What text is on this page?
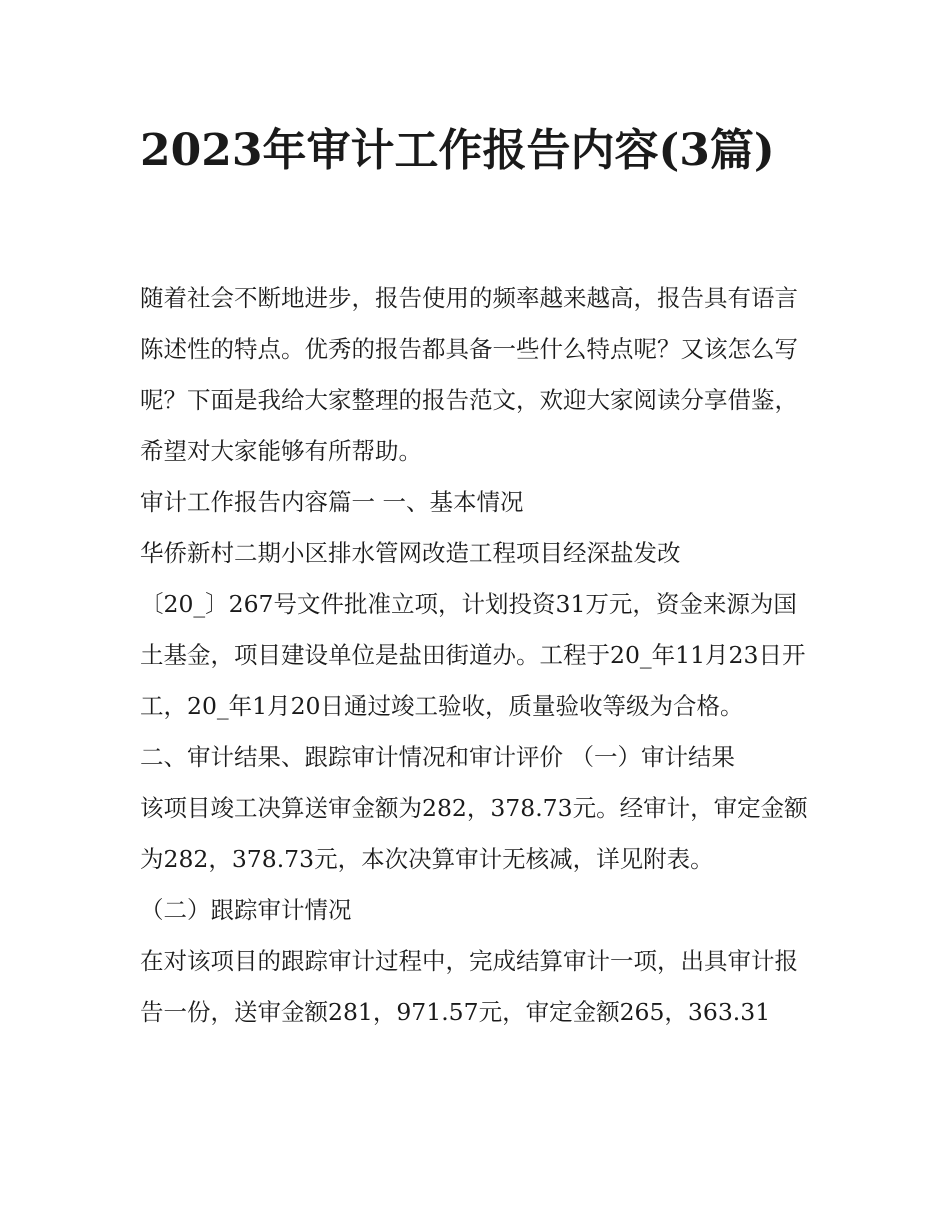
2023年审计工作报告内容(3篇)

随着社会不断地进步，报告使用的频率越来越高，报告具有语言陈述性的特点。优秀的报告都具备一些什么特点呢？又该怎么写呢？下面是我给大家整理的报告范文，欢迎大家阅读分享借鉴，希望对大家能够有所帮助。

审计工作报告内容篇一 一、基本情况

华侨新村二期小区排水管网改造工程项目经深盐发改

〔20_〕267号文件批准立项，计划投资31万元，资金来源为国土基金，项目建设单位是盐田街道办。工程于20_年11月23日开工，20_年1月20日通过竣工验收，质量验收等级为合格。

二、审计结果、跟踪审计情况和审计评价 （一）审计结果

该项目竣工决算送审金额为282，378.73元。经审计，审定金额为282，378.73元，本次决算审计无核减，详见附表。

（二）跟踪审计情况

在对该项目的跟踪审计过程中，完成结算审计一项，出具审计报告一份，送审金额281，971.57元，审定金额265，363.31
